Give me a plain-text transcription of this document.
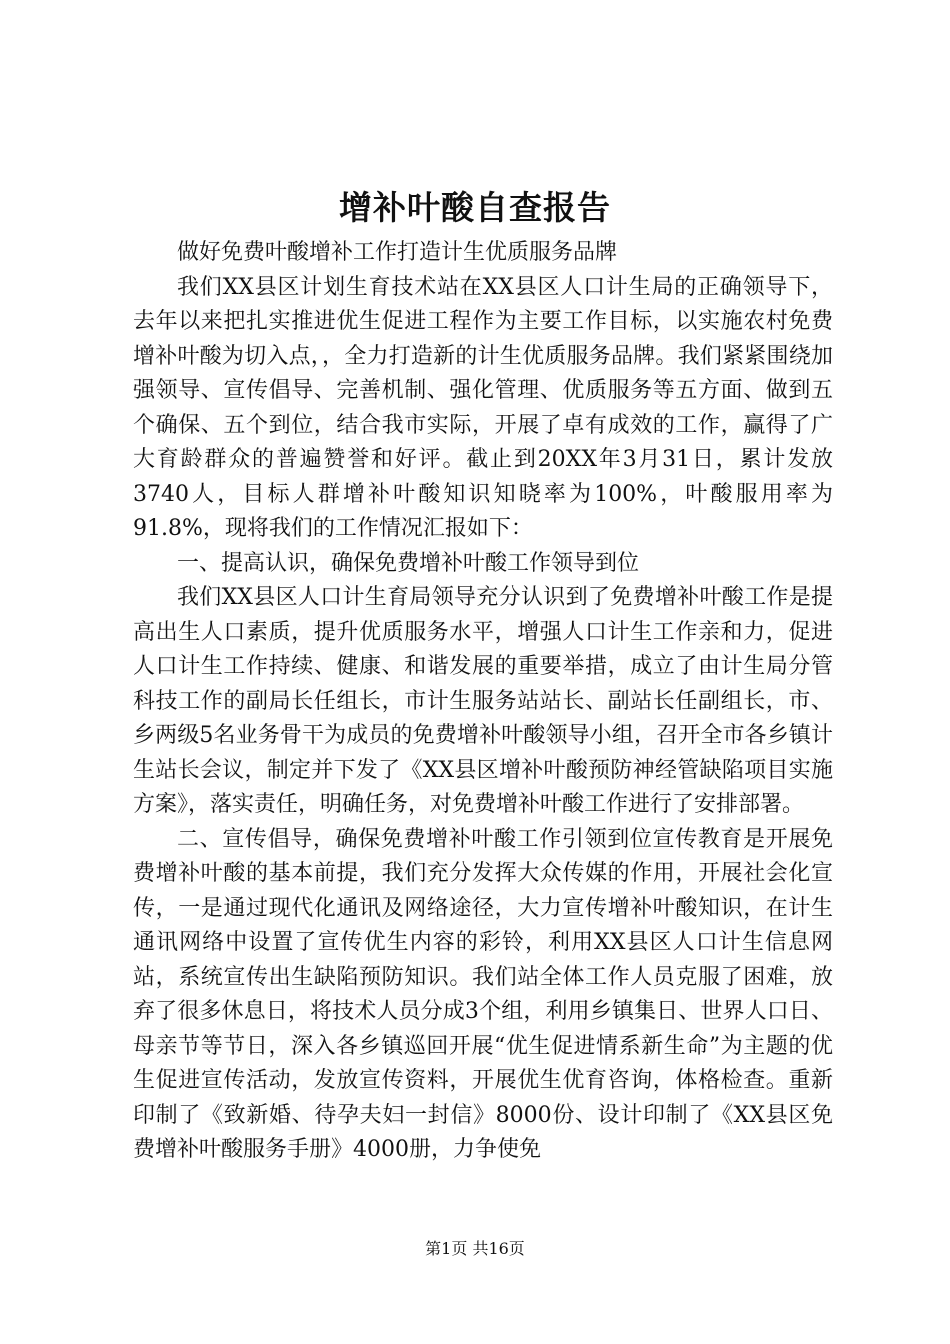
增补叶酸自查报告

做好免费叶酸增补工作打造计生优质服务品牌

我们XX县区计划生育技术站在XX县区人口计生局的正确领导下，去年以来把扎实推进优生促进工程作为主要工作目标，以实施农村免费增补叶酸为切入点，，全力打造新的计生优质服务品牌。我们紧紧围绕加强领导、宣传倡导、完善机制、强化管理、优质服务等五方面、做到五个确保、五个到位，结合我市实际，开展了卓有成效的工作，赢得了广大育龄群众的普遍赞誉和好评。截止到20XX年3月31日，累计发放3740人，目标人群增补叶酸知识知晓率为100%，叶酸服用率为91.8%，现将我们的工作情况汇报如下：

一、提高认识，确保免费增补叶酸工作领导到位

我们XX县区人口计生育局领导充分认识到了免费增补叶酸工作是提高出生人口素质，提升优质服务水平，增强人口计生工作亲和力，促进人口计生工作持续、健康、和谐发展的重要举措，成立了由计生局分管科技工作的副局长任组长，市计生服务站站长、副站长任副组长，市、乡两级5名业务骨干为成员的免费增补叶酸领导小组，召开全市各乡镇计生站长会议，制定并下发了《XX县区增补叶酸预防神经管缺陷项目实施方案》，落实责任，明确任务，对免费增补叶酸工作进行了安排部署。

二、宣传倡导，确保免费增补叶酸工作引领到位宣传教育是开展免费增补叶酸的基本前提，我们充分发挥大众传媒的作用，开展社会化宣传，一是通过现代化通讯及网络途径，大力宣传增补叶酸知识，在计生通讯网络中设置了宣传优生内容的彩铃，利用XX县区人口计生信息网站，系统宣传出生缺陷预防知识。我们站全体工作人员克服了困难，放弃了很多休息日，将技术人员分成3个组，利用乡镇集日、世界人口日、母亲节等节日，深入各乡镇巡回开展“优生促进情系新生命”为主题的优生促进宣传活动，发放宣传资料，开展优生优育咨询，体格检查。重新印制了《致新婚、待孕夫妇一封信》8000份、设计印制了《XX县区免费增补叶酸服务手册》4000册，力争使免

第1页 共16页
